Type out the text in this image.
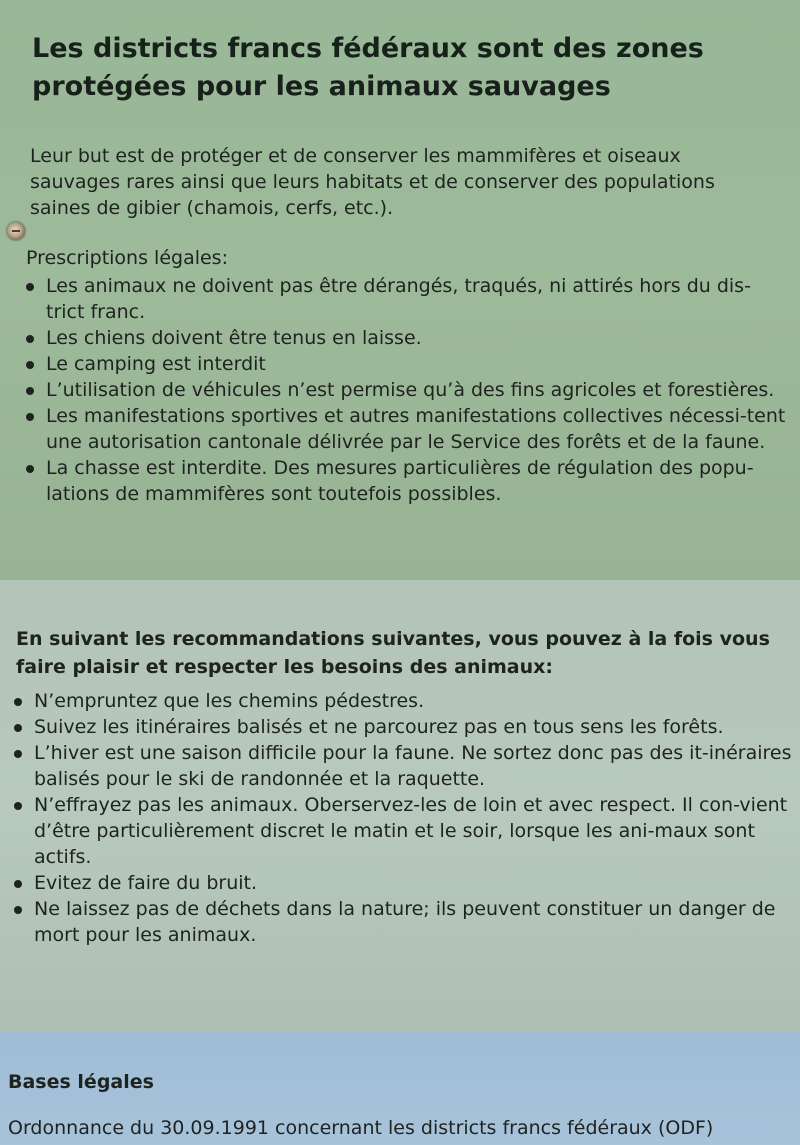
Les districts francs fédéraux sont des zones protégées pour les animaux sauvages

Leur but est de protéger et de conserver les mammifères et oiseaux sauvages rares ainsi que leurs habitats et de conserver des populations saines de gibier (chamois, cerfs, etc.).

Prescriptions légales:

Les animaux ne doivent pas être dérangés, traqués, ni attirés hors du dis-trict franc.
Les chiens doivent être tenus en laisse.
Le camping est interdit
L’utilisation de véhicules n’est permise qu’à des fins agricoles et forestières.
Les manifestations sportives et autres manifestations collectives nécessi-tent une autorisation cantonale délivrée par le Service des forêts et de la faune.
La chasse est interdite. Des mesures particulières de régulation des popu-lations de mammifères sont toutefois possibles.

En suivant les recommandations suivantes, vous pouvez à la fois vous faire plaisir et respecter les besoins des animaux:

N’empruntez que les chemins pédestres.
Suivez les itinéraires balisés et ne parcourez pas en tous sens les forêts.
L’hiver est une saison difficile pour la faune. Ne sortez donc pas des it-inéraires balisés pour le ski de randonnée et la raquette.
N’effrayez pas les animaux. Oberservez-les de loin et avec respect. Il con-vient d’être particulièrement discret le matin et le soir, lorsque les ani-maux sont actifs.
Evitez de faire du bruit.
Ne laissez pas de déchets dans la nature; ils peuvent constituer un danger de mort pour les animaux.

Bases légales

Ordonnance du 30.09.1991 concernant les districts francs fédéraux (ODF)
